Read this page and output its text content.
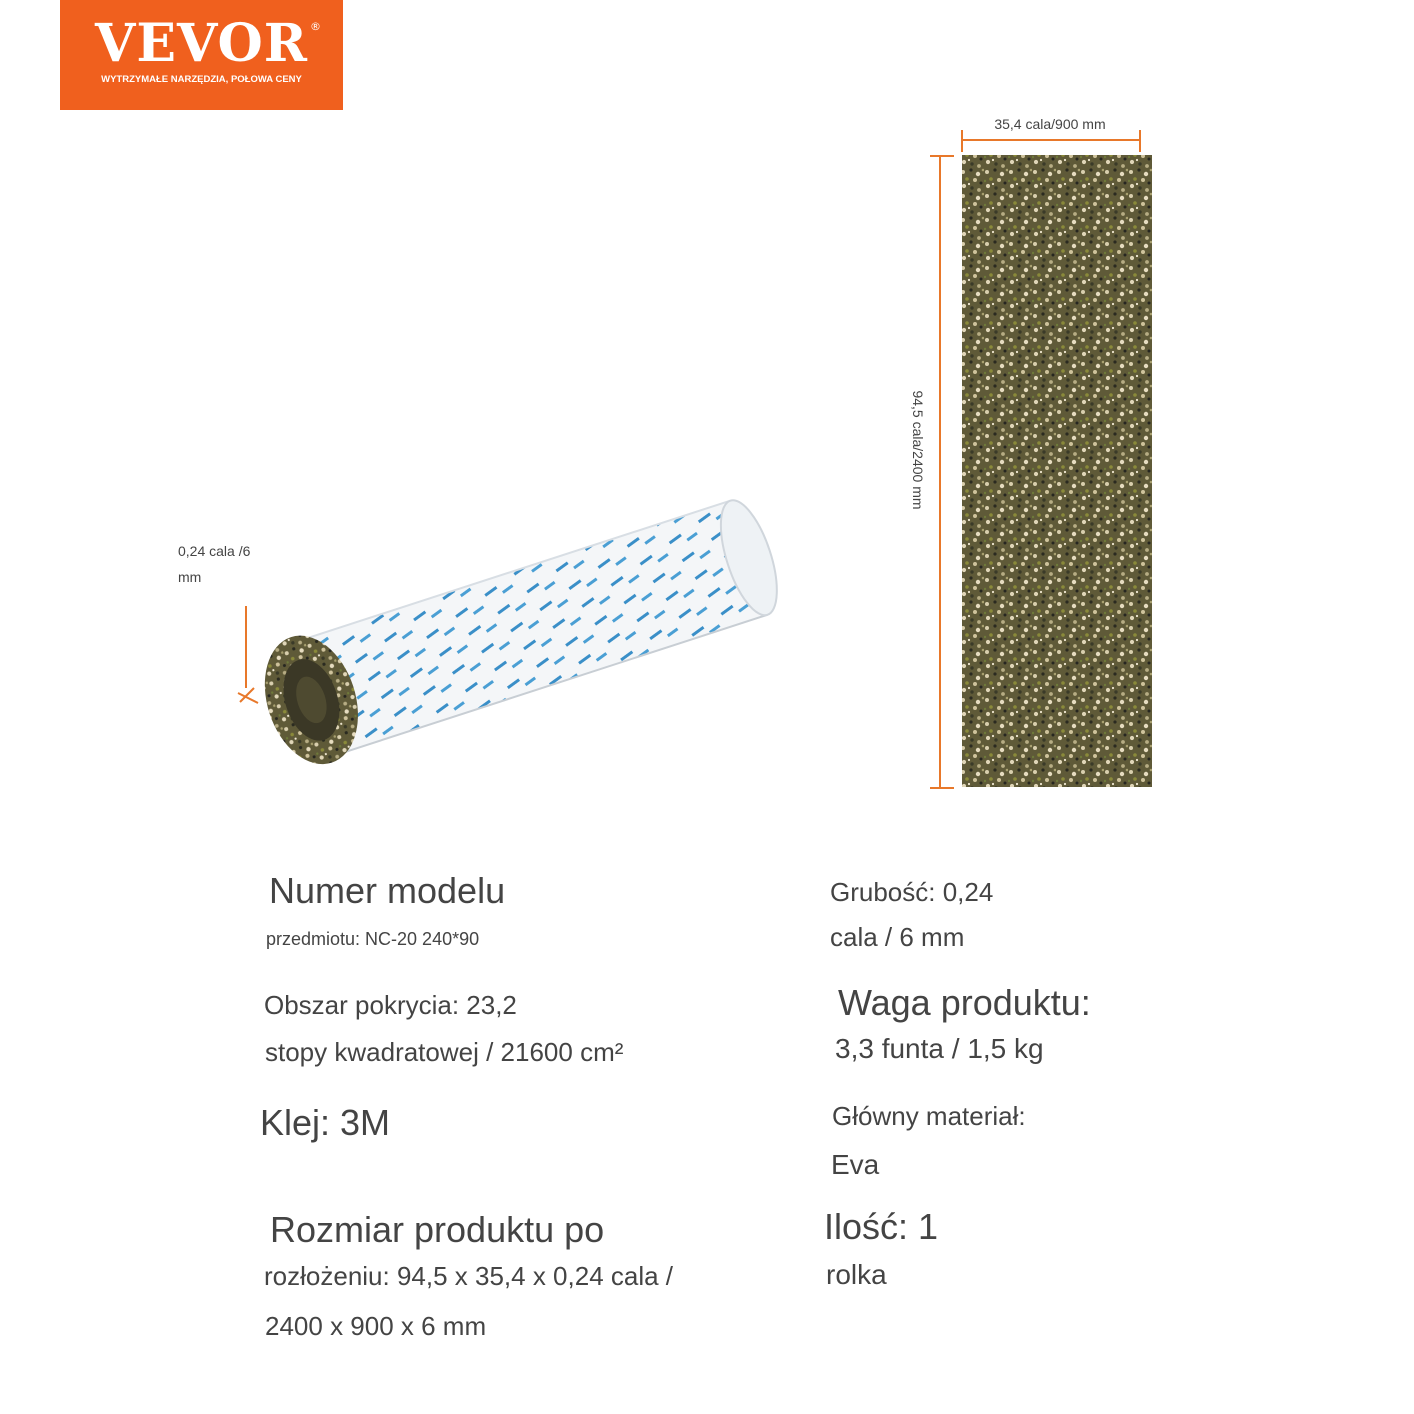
VEVOR ®
WYTRZYMAŁE NARZĘDZIA, POŁOWA CENY
35,4 cala/900 mm
94,5 cala/2400 mm
0,24 cala /6
mm
Numer modelu
przedmiotu: NC-20 240*90
Grubość: 0,24
cala / 6 mm
Obszar pokrycia: 23,2
stopy kwadratowej / 21600 cm²
Waga produktu:
3,3 funta / 1,5 kg
Klej: 3M	Główny materiał:
Eva
Rozmiar produktu po
rozłożeniu: 94,5 x 35,4 x 0,24 cala /
2400 x 900 x 6 mm
Ilość: 1
rolka
